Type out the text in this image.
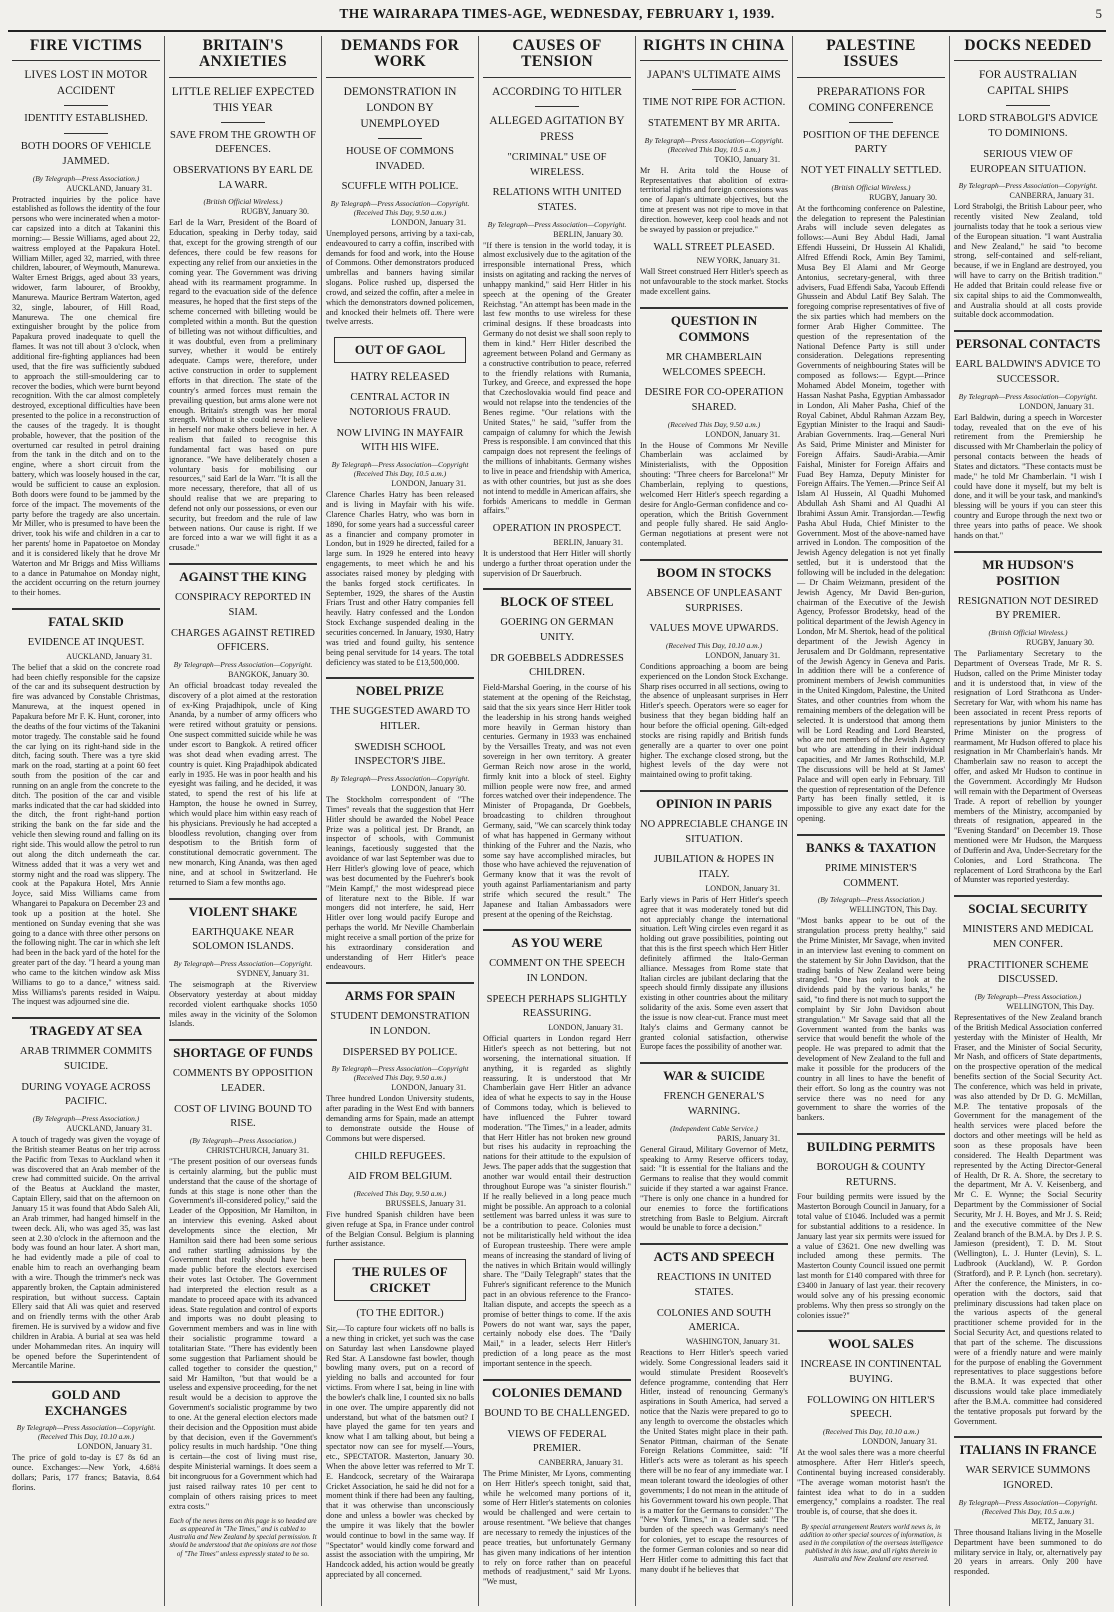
THE WAIRARAPA TIMES-AGE, WEDNESDAY, FEBRUARY 1, 1939.	5
FIRE VICTIMS
LIVES LOST IN MOTOR ACCIDENT
IDENTITY ESTABLISHED.
BOTH DOORS OF VEHICLE JAMMED.
(By Telegraph—Press Association.)
AUCKLAND, January 31.
Protracted inquiries by the police have established as follows the identity of the four persons who were incinerated when a motor-car capsized into a ditch at Takanini this morning:— Bessie Williams, aged about 22, waitress employed at the Papakura Hotel. William Miller, aged 32, married, with three children, labourer, of Weymouth, Manurewa. Walter Ernest Briggs, aged about 33 years, widower, farm labourer, of Brookby, Manurewa. Maurice Bertram Waterton, aged 32, single, labourer, of Hill Road, Manurewa. The one chemical fire extinguisher brought by the police from Papakura proved inadequate to quell the flames. It was not till about 3 o'clock, when additional fire-fighting appliances had been used, that the fire was sufficiently subdued to approach the still-smouldering car to recover the bodies, which were burnt beyond recognition. With the car almost completely destroyed, exceptional difficulties have been presented to the police in a reconstruction of the causes of the tragedy. It is thought probable, however, that the position of the overturned car resulted in petrol draining from the tank in the ditch and on to the engine, where a short circuit from the battery, which was loosely housed in the car, would be sufficient to cause an explosion. Both doors were found to be jammed by the force of the impact. The movements of the party before the tragedy are also uncertain. Mr Miller, who is presumed to have been the driver, took his wife and children in a car to her parents' home in Papatoetoe on Monday and it is considered likely that he drove Mr Waterton and Mr Briggs and Miss Williams to a dance in Patumahoe on Monday night, the accident occurring on the return journey to their homes.
FATAL SKID
EVIDENCE AT INQUEST.
AUCKLAND, January 31.
The belief that a skid on the concrete road had been chiefly responsible for the capsize of the car and its subsequent destruction by fire was advanced by Constable Christmas, Manurewa, at the inquest opened in Papakura before Mr F. K. Hunt, coroner, into the deaths of the four victims of the Takanini motor tragedy. The constable said he found the car lying on its right-hand side in the ditch, facing south. There was a tyre skid mark on the road, starting at a point 60 feet south from the position of the car and running on an angle from the concrete to the ditch. The position of the car and visible marks indicated that the car had skidded into the ditch, the front right-hand portion striking the bank on the far side and the vehicle then slewing round and falling on its right side. This would allow the petrol to run out along the ditch underneath the car. Witness added that it was a very wet and stormy night and the road was slippery. The cook at the Papakura Hotel, Mrs Annie Joyce, said Miss Williams came from Whangarei to Papakura on December 23 and took up a position at the hotel. She mentioned on Sunday evening that she was going to a dance with three other persons on the following night. The car in which she left had been in the back yard of the hotel for the greater part of the day. "I heard a young man who came to the kitchen window ask Miss Williams to go to a dance," witness said. Miss Williams's parents resided in Waipu. The inquest was adjourned sine die.
TRAGEDY AT SEA
ARAB TRIMMER COMMITS SUICIDE.
DURING VOYAGE ACROSS PACIFIC.
(By Telegraph—Press Association.)
AUCKLAND, January 31.
A touch of tragedy was given the voyage of the British steamer Beatus on her trip across the Pacific from Texas to Auckland when it was discovered that an Arab member of the crew had committed suicide. On the arrival of the Beatus at Auckland the master, Captain Ellery, said that on the afternoon on January 15 it was found that Abdo Saleh Ali, an Arab trimmer, had hanged himself in the tween deck. Ali, who was aged 35, was last seen at 2.30 o'clock in the afternoon and the body was found an hour later. A short man, he had evidently made a pile of coal to enable him to reach an overhanging beam with a wire. Though the trimmer's neck was apparently broken, the Captain administered respiration, but without success. Captain Ellery said that Ali was quiet and reserved and on friendly terms with the other Arab firemen. He is survived by a widow and five children in Arabia. A burial at sea was held under Mohammedan rites. An inquiry will be opened before the Superintendent of Mercantile Marine.
GOLD AND EXCHANGES
By Telegraph—Press Association—Copyright. (Received This Day, 10.10 a.m.)
LONDON, January 31.
The price of gold to-day is £7 8s 6d an ounce. Exchanges:—New York, 4.68¼ dollars; Paris, 177 francs; Batavia, 8.64 florins.
BRITAIN'S ANXIETIES
LITTLE RELIEF EXPECTED THIS YEAR
SAVE FROM THE GROWTH OF DEFENCES.
OBSERVATIONS BY EARL DE LA WARR.
(British Official Wireless.)
RUGBY, January 30.
Earl de la Warr, President of the Board of Education, speaking in Derby today, said that, except for the growing strength of our defences, there could be few reasons for expecting any relief from our anxieties in the coming year. The Government was driving ahead with its rearmament programme. In regard to the evacuation side of the defence measures, he hoped that the first steps of the scheme concerned with billeting would be completed within a month. But the question of billeting was not without difficulties, and it was doubtful, even from a preliminary survey, whether it would be entirely adequate. Camps were, therefore, under active construction in order to supplement efforts in that direction. The state of the country's armed forces must remain the prevailing question, but arms alone were not enough. Britain's strength was her moral strength. Without it she could never believe in herself nor make others believe in her. A realism that failed to recognise this fundamental fact was based on pure ignorance. "We have deliberately chosen a voluntary basis for mobilising our resources," said Earl de la Warr. "It is all the more necessary, therefore, that all of us should realise that we are preparing to defend not only our possessions, or even our security, but freedom and the rule of law between nations. Our cause is right. If we are forced into a war we will fight it as a crusade."
AGAINST THE KING
CONSPIRACY REPORTED IN SIAM.
CHARGES AGAINST RETIRED OFFICERS.
By Telegraph—Press Association—Copyright.
BANGKOK, January 30.
An official broadcast today revealed the discovery of a plot aimed at the restoration of ex-King Prajadhipok, uncle of King Ananda, by a number of army officers who were retired without gratuity or pensions. One suspect committed suicide while he was under escort to Bangkok. A retired officer was shot dead when evading arrest. The country is quiet. King Prajadhipok abdicated early in 1935. He was in poor health and his eyesight was failing, and he decided, it was stated, to spend the rest of his life at Hampton, the house he owned in Surrey, which would place him within easy reach of his physicians. Previously he had accepted a bloodless revolution, changing over from despotism to the British form of constitutional democratic government. The new monarch, King Ananda, was then aged nine, and at school in Switzerland. He returned to Siam a few months ago.
VIOLENT SHAKE
EARTHQUAKE NEAR SOLOMON ISLANDS.
By Telegraph—Press Association—Copyright.
SYDNEY, January 31.
The seismograph at the Riverview Observatory yesterday at about midday recorded violent earthquake shocks 1050 miles away in the vicinity of the Solomon Islands.
SHORTAGE OF FUNDS
COMMENTS BY OPPOSITION LEADER.
COST OF LIVING BOUND TO RISE.
(By Telegraph—Press Association.)
CHRISTCHURCH, January 31.
"The present position of our overseas funds is certainly alarming, but the public must understand that the cause of the shortage of funds at this stage is none other than the Government's ill-considered policy," said the Leader of the Opposition, Mr Hamilton, in an interview this evening. Asked about developments since the election, Mr Hamilton said there had been some serious and rather startling admissions by the Government that really should have been made public before the electors exercised their votes last October. The Government had interpreted the election result as a mandate to proceed apace with its advanced ideas. State regulation and control of exports and imports was no doubt pleasing to Government members and was in line with their socialistic programme toward a totalitarian State. "There has evidently been some suggestion that Parliament should be called together to consider the question," said Mr Hamilton, "but that would be a useless and expensive proceeding, for the net result would be a decision to approve the Government's socialistic programme by two to one. At the general election electors made their decision and the Opposition must abide by that decision, even if the Government's policy results in much hardship. "One thing is certain—the cost of living must rise, despite Ministerial warnings. It does seem a bit incongruous for a Government which had just raised railway rates 10 per cent to complain of others raising prices to meet extra costs."
Each of the news items on this page is so headed are as appeared in "The Times," and is cabled to Australia and New Zealand by special permission. It should be understood that the opinions are not those of "The Times" unless expressly stated to be so.
DEMANDS FOR WORK
DEMONSTRATION IN LONDON BY UNEMPLOYED
HOUSE OF COMMONS INVADED.
SCUFFLE WITH POLICE.
By Telegraph—Press Association—Copyright. (Received This Day, 9.50 a.m.)
LONDON, January 31.
Unemployed persons, arriving by a taxi-cab, endeavoured to carry a coffin, inscribed with demands for food and work, into the House of Commons. Other demonstrators produced umbrellas and banners having similar slogans. Police rushed up, dispersed the crowd, and seized the coffin, after a melee in which the demonstrators downed policemen, and knocked their helmets off. There were twelve arrests.
OUT OF GAOL
HATRY RELEASED
CENTRAL ACTOR IN NOTORIOUS FRAUD.
NOW LIVING IN MAYFAIR WITH HIS WIFE.
By Telegraph—Press Association—Copyright (Received This Day, 10.5 a.m.)
LONDON, January 31.
Clarence Charles Hatry has been released and is living in Mayfair with his wife. Clarence Charles Hatry, who was born in 1890, for some years had a successful career as a financier and company promoter in London, but in 1929 he directed, failed for a large sum. In 1929 he entered into heavy engagements, to meet which he and his associates raised money by pledging with the banks forged stock certificates. In September, 1929, the shares of the Austin Friars Trust and other Hatry companies fell heavily. Hatry confessed and the London Stock Exchange suspended dealing in the securities concerned. In January, 1930, Hatry was tried and found guilty, his sentence being penal servitude for 14 years. The total deficiency was stated to be £13,500,000.
NOBEL PRIZE
THE SUGGESTED AWARD TO HITLER.
SWEDISH SCHOOL INSPECTOR'S JIBE.
By Telegraph—Press Association—Copyright.
LONDON, January 30.
The Stockholm correspondent of "The Times" reveals that the suggestion that Herr Hitler should be awarded the Nobel Peace Prize was a political jest. Dr Brandt, an inspector of schools, with Communist leanings, facetiously suggested that the avoidance of war last September was due to Herr Hitler's glowing love of peace, which was best documented by the Fuehrer's book "Mein Kampf," the most widespread piece of literature next to the Bible. If war mongers did not interfere, he said, Herr Hitler over long would pacify Europe and perhaps the world. Mr Neville Chamberlain might receive a small portion of the prize for his extraordinary consideration and understanding of Herr Hitler's peace endeavours.
ARMS FOR SPAIN
STUDENT DEMONSTRATION IN LONDON.
DISPERSED BY POLICE.
By Telegraph—Press Association—Copyright (Received This Day, 9.50 a.m.)
LONDON, January 31.
Three hundred London University students, after parading in the West End with banners demanding arms for Spain, made an attempt to demonstrate outside the House of Commons but were dispersed.
CHILD REFUGEES.
AID FROM BELGIUM.
(Received This Day, 9.50 a.m.)
BRUSSELS, January 31.
Five hundred Spanish children have been given refuge at Spa, in France under control of the Belgian Consul. Belgium is planning further assistance.
THE RULES OF CRICKET
(TO THE EDITOR.)
Sir,—To capture four wickets off no balls is a new thing in cricket, yet such was the case on Saturday last when Lansdowne played Red Star. A Lansdowne fast bowler, though bowling many overs, put on a record of yielding no balls and accounted for four victims. From where I sat, being in line with the bowler's chalk line, I counted six no balls in one over. The umpire apparently did not understand, but what of the batsmen out? I have played the game for ten years and know what I am talking about, but being a spectator now can see for myself.—Yours, etc., SPECTATOR. Masterton, January 30. When the above letter was referred to Mr T. E. Handcock, secretary of the Wairarapa Cricket Association, he said he did not for a moment think if there had been any faulting, that it was otherwise than unconsciously done and unless a bowler was checked by the umpire it was likely that the bowler would continue to bowl in the same way. If "Spectator" would kindly come forward and assist the association with the umpiring, Mr Handcock added, his action would be greatly appreciated by all concerned.
CAUSES OF TENSION
ACCORDING TO HITLER
ALLEGED AGITATION BY PRESS
"CRIMINAL" USE OF WIRELESS.
RELATIONS WITH UNITED STATES.
By Telegraph—Press Association—Copyright.
BERLIN, January 30.
"If there is tension in the world today, it is almost exclusively due to the agitation of the irresponsible international Press, which insists on agitating and racking the nerves of unhappy mankind," said Herr Hitler in his speech at the opening of the Greater Reichstag. "An attempt has been made in the last few months to use wireless for these criminal designs. If these broadcasts into Germany do not desist we shall soon reply to them in kind." Herr Hitler described the agreement between Poland and Germany as a constructive contribution to peace, referred to the friendly relations with Rumania, Turkey, and Greece, and expressed the hope that Czechoslovakia would find peace and would not relapse into the tendencies of the Benes regime. "Our relations with the United States," he said, "suffer from the campaign of calumny for which the Jewish Press is responsible. I am convinced that this campaign does not represent the feelings of the millions of inhabitants. Germany wishes to live in peace and friendship with America, as with other countries, but just as she does not intend to meddle in American affairs, she forbids Americans to meddle in German affairs."
OPERATION IN PROSPECT.
BERLIN, January 31.
It is understood that Herr Hitler will shortly undergo a further throat operation under the supervision of Dr Sauerbruch.
BLOCK OF STEEL
GOERING ON GERMAN UNITY.
DR GOEBBELS ADDRESSES CHILDREN.
Field-Marshal Goering, in the course of his statement at the opening of the Reichstag, said that the six years since Herr Hitler took the leadership in his strong hands weighed more heavily in German history than centuries. Germany in 1933 was enchained by the Versailles Treaty, and was not even sovereign in her own territory. A greater German Reich now arose in the world, firmly knit into a block of steel. Eighty million people were now free, and armed forces watched over their independence. The Minister of Propaganda, Dr Goebbels, broadcasting to children throughout Germany, said, "We can scarcely think today of what has happened in Germany without thinking of the Fuhrer and the Nazis, who some say have accomplished miracles, but those who have achieved the rejuvenation of Germany know that it was the revolt of youth against Parliamentarianism and party strife which secured the result." The Japanese and Italian Ambassadors were present at the opening of the Reichstag.
AS YOU WERE
COMMENT ON THE SPEECH IN LONDON.
SPEECH PERHAPS SLIGHTLY REASSURING.
LONDON, January 31.
Official quarters in London regard Herr Hitler's speech as not bettering, but not worsening, the international situation. If anything, it is regarded as slightly reassuring. It is understood that Mr Chamberlain gave Herr Hitler an advance idea of what he expects to say in the House of Commons today, which is believed to have influenced the Fuhrer toward moderation. "The Times," in a leader, admits that Herr Hitler has not broken new ground but rises his audacity in reproaching the nations for their attitude to the expulsion of Jews. The paper adds that the suggestion that another war would entail their destruction throughout Europe was "a sinister flourish." If he really believed in a long peace much might be possible. An approach to a colonial settlement was barred unless it was sure to be a contribution to peace. Colonies must not be militaristically held without the idea of European trusteeship. There were ample means of increasing the standard of living of the natives in which Britain would willingly share. The "Daily Telegraph" states that the Fuhrer's significant reference to the Munich pact in an obvious reference to the Franco-Italian dispute, and accepts the speech as a promise of better things to come. If the axis Powers do not want war, says the paper, certainly nobody else does. The "Daily Mail," in a leader, selects Herr Hitler's prediction of a long peace as the most important sentence in the speech.
COLONIES DEMAND
BOUND TO BE CHALLENGED.
VIEWS OF FEDERAL PREMIER.
CANBERRA, January 31.
The Prime Minister, Mr Lyons, commenting on Herr Hitler's speech tonight, said that, while he welcomed many portions of it, some of Herr Hitler's statements on colonies would be challenged and were certain to arouse resentment. "We believe that changes are necessary to remedy the injustices of the peace treaties, but unfortunately Germany has given many indications of her intention to rely on force rather than on peaceful methods of readjustment," said Mr Lyons. "We must,
RIGHTS IN CHINA
JAPAN'S ULTIMATE AIMS
TIME NOT RIPE FOR ACTION.
STATEMENT BY MR ARITA.
By Telegraph—Press Association—Copyright. (Received This Day, 10.5 a.m.)
TOKIO, January 31.
Mr H. Arita told the House of Representatives that abolition of extra-territorial rights and foreign concessions was one of Japan's ultimate objectives, but the time at present was not ripe to move in that direction. however, keep cool heads and not be swayed by passion or prejudice."
WALL STREET PLEASED.
NEW YORK, January 31.
Wall Street construed Herr Hitler's speech as not unfavourable to the stock market. Stocks made excellent gains.
QUESTION IN COMMONS
MR CHAMBERLAIN WELCOMES SPEECH.
DESIRE FOR CO-OPERATION SHARED.
(Received This Day, 9.50 a.m.)
LONDON, January 31.
In the House of Commons Mr Neville Chamberlain was acclaimed by Ministerialists, with the Opposition shouting: "Three cheers for Barcelona!" Mr Chamberlain, replying to questions, welcomed Herr Hitler's speech regarding a desire for Anglo-German confidence and co-operation, which the British Government and people fully shared. He said Anglo-German negotiations at present were not contemplated.
BOOM IN STOCKS
ABSENCE OF UNPLEASANT SURPRISES.
VALUES MOVE UPWARDS.
(Received This Day, 10.10 a.m.)
LONDON, January 31.
Conditions approaching a boom are being experienced on the London Stock Exchange. Sharp rises occurred in all sections, owing to the absence of unpleasant surprises in Herr Hitler's speech. Operators were so eager for business that they began bidding half an hour before the official opening. Gilt-edged stocks are rising rapidly and British funds generally are a quarter to over one point higher. The exchange closed strong, but the highest levels of the day were not maintained owing to profit taking.
OPINION IN PARIS
NO APPRECIABLE CHANGE IN SITUATION.
JUBILATION & HOPES IN ITALY.
LONDON, January 31.
Early views in Paris of Herr Hitler's speech agree that it was moderately toned but did not appreciably change the international situation. Left Wing circles even regard it as holding out grave possibilities, pointing out that this is the first speech which Herr Hitler definitely affirmed the Italo-German alliance. Messages from Rome state that Italian circles are jubilant declaring that the speech should firmly dissipate any illusions existing in other countries about the military solidarity of the axis. Some even assert that the issue is now clear-cut. France must meet Italy's claims and Germany cannot be granted colonial satisfaction, otherwise Europe faces the possibility of another war.
WAR & SUICIDE
FRENCH GENERAL'S WARNING.
(Independent Cable Service.)
PARIS, January 31.
General Giraud, Military Governor of Metz, speaking to Army Reserve officers today, said: "It is essential for the Italians and the Germans to realise that they would commit suicide if they started a war against France. "There is only one chance in a hundred for our enemies to force the fortifications stretching from Basle to Belgium. Aircraft would be unable to force a decision."
ACTS AND SPEECH
REACTIONS IN UNITED STATES.
COLONIES AND SOUTH AMERICA.
WASHINGTON, January 31.
Reactions to Herr Hitler's speech varied widely. Some Congressional leaders said it would stimulate President Roosevelt's defence programme, contending that Herr Hitler, instead of renouncing Germany's aspirations in South America, had served a notice that the Nazis were prepared to go to any length to overcome the obstacles which the United States might place in their path. Senator Pittman, chairman of the Senate Foreign Relations Committee, said: "If Hitler's acts were as tolerant as his speech there will be no fear of any immediate war. I mean tolerant toward the ideologies of other governments; I do not mean in the attitude of his Government toward his own people. That is a matter for the Germans to consider." The "New York Times," in a leader said: "The burden of the speech was Germany's need for colonies, yet to escape the resources of the former German colonies and so near did Herr Hitler come to admitting this fact that many doubt if he believes that
PALESTINE ISSUES
PREPARATIONS FOR COMING CONFERENCE
POSITION OF THE DEFENCE PARTY
NOT YET FINALLY SETTLED.
(British Official Wireless.)
RUGBY, January 30.
At the forthcoming conference on Palestine, the delegation to represent the Palestinian Arabs will include seven delegates as follows:—Auni Bey Abdul Hadi, Jamal Effendi Husseini, Dr Hussein Al Khalidi, Alfred Effendi Rock, Amin Bey Tamimi, Musa Bey El Alami and Mr George Antonius, secretary-general, with three advisers, Fuad Effendi Saba, Yacoub Effendi Ghussein and Abdul Latif Bey Salah. The foregoing comprise representatives of five of the six parties which had members on the former Arab Higher Committee. The question of the representation of the National Defence Party is still under consideration. Delegations representing Governments of neighbouring States will be composed as follows:— Egypt.—Prince Mohamed Abdel Moneim, together with Hassan Nashat Pasha, Egyptian Ambassador in London, Ali Maher Pasha, Chief of the Royal Cabinet, Abdul Rahman Azzam Bey, Egyptian Minister to the Iraqui and Saudi-Arabian Governments. Iraq.—General Nuri As Said, Prime Minister and Minister for Foreign Affairs. Saudi-Arabia.—Amir Faishal, Minister for Foreign Affairs and Fuad Bey Hamza, Deputy Minister for Foreign Affairs. The Yemen.—Prince Seif Al Islam Al Hussein, Al Quadhi Muhomed Abdullah Ash Shami and Al Quadhi Al Ibrahimi Assun Amir. Transjordan.—Tewfig Pasha Abul Huda, Chief Minister to the Government. Most of the above-named have arrived in London. The composition of the Jewish Agency delegation is not yet finally settled, but it is understood that the following will be included in the delegation:— Dr Chaim Weizmann, president of the Jewish Agency, Mr David Ben-gurion, chairman of the Executive of the Jewish Agency, Professor Brodetsky, head of the political department of the Jewish Agency in London, Mr M. Shertok, head of the political department of the Jewish Agency in Jerusalem and Dr Goldmann, representative of the Jewish Agency in Geneva and Paris. In addition there will be a conference of prominent members of Jewish communities in the United Kingdom, Palestine, the United States, and other countries from whom the remaining members of the delegation will be selected. It is understood that among them will be Lord Reading and Lord Bearsted, who are not members of the Jewish Agency but who are attending in their individual capacities, and Mr James Rothschild, M.P. The discussions will be held at St James' Palace and will open early in February. Till the question of representation of the Defence Party has been finally settled, it is impossible to give any exact date for the opening.
BANKS & TAXATION
PRIME MINISTER'S COMMENT.
(By Telegraph—Press Association.)
WELLINGTON, This Day.
"Most banks appear to be out of the strangulation process pretty healthy," said the Prime Minister, Mr Savage, when invited in an interview last evening to comment on the statement by Sir John Davidson, that the trading banks of New Zealand were being strangled. "One has only to look at the dividends paid by the various banks," he said, "to find there is not much to support the complaint by Sir John Davidson about strangulation." Mr Savage said that all the Government wanted from the banks was service that would benefit the whole of the people. He was prepared to admit that the development of New Zealand to the full and make it possible for the producers of the country in all lines to have the benefit of their effort. So long as the country was not service there was no need for any government to share the worries of the bankers.
BUILDING PERMITS
BOROUGH & COUNTY RETURNS.
Four building permits were issued by the Masterton Borough Council in January, for a total value of £1046. Included was a permit for substantial additions to a residence. In January last year six permits were issued for a value of £3621. One new dwelling was included among these permits. The Masterton County Council issued one permit last month for £140 compared with three for £3400 in January of last year. their recovery would solve any of his pressing economic problems. Why then press so strongly on the colonies issue?"
WOOL SALES
INCREASE IN CONTINENTAL BUYING.
FOLLOWING ON HITLER'S SPEECH.
(Received This Day, 10.10 a.m.)
LONDON, January 31.
At the wool sales there was a more cheerful atmosphere. After Herr Hitler's speech, Continental buying increased considerably. "The average woman motorist hasn't the faintest idea what to do in a sudden emergency," complains a roadster. The real trouble is, of course, that she does it.
By special arrangement Reuters world news is, in addition to other special sources of information, is used in the compilation of the overseas intelligence published in this issue, and all rights therein in Australia and New Zealand are reserved.
DOCKS NEEDED
FOR AUSTRALIAN CAPITAL SHIPS
LORD STRABOLGI'S ADVICE TO DOMINIONS.
SERIOUS VIEW OF EUROPEAN SITUATION.
By Telegraph—Press Association—Copyright.
CANBERRA, January 31.
Lord Strabolgi, the British Labour peer, who recently visited New Zealand, told journalists today that he took a serious view of the European situation. "I want Australia and New Zealand," he said "to become strong, self-contained and self-reliant, because, if we in England are destroyed, you will have to carry on the British tradition." He added that Britain could release five or six capital ships to aid the Commonwealth, and Australia should at all costs provide suitable dock accommodation.
PERSONAL CONTACTS
EARL BALDWIN'S ADVICE TO SUCCESSOR.
By Telegraph—Press Association—Copyright.
LONDON, January 31.
Earl Baldwin, during a speech in Worcester today, revealed that on the eve of his retirement from the Premiership he discussed with Mr Chamberlain the policy of personal contacts between the heads of States and dictators. "These contacts must be made," he told Mr Chamberlain. "I wish I could have done it myself, but my belt is done, and it will be your task, and mankind's blessing will be yours if you can steer this country and Europe through the next two or three years into paths of peace. We shook hands on that."
MR HUDSON'S POSITION
RESIGNATION NOT DESIRED BY PREMIER.
(British Official Wireless.)
RUGBY, January 30.
The Parliamentary Secretary to the Department of Overseas Trade, Mr R. S. Hudson, called on the Prime Minister today and it is understood that, in view of the resignation of Lord Strathcona as Under-Secretary for War, with whom his name has been associated in recent Press reports of representations by junior Ministers to the Prime Minister on the progress of rearmament, Mr Hudson offered to place his resignation in Mr Chamberlain's hands. Mr Chamberlain saw no reason to accept the offer, and asked Mr Hudson to continue in the Government. Accordingly Mr Hudson will remain with the Department of Overseas Trade. A report of rebellion by younger members of the Ministry, accompanied by threats of resignation, appeared in the "Evening Standard" on December 19. Those mentioned were Mr Hudson, the Marquess of Dufferin and Ava, Under-Secretary for the Colonies, and Lord Strathcona. The replacement of Lord Strathcona by the Earl of Munster was reported yesterday.
SOCIAL SECURITY
MINISTERS AND MEDICAL MEN CONFER.
PRACTITIONER SCHEME DISCUSSED.
(By Telegraph—Press Association.)
WELLINGTON, This Day.
Representatives of the New Zealand branch of the British Medical Association conferred yesterday with the Minister of Health, Mr Fraser, and the Minister of Social Security, Mr Nash, and officers of State departments, on the prospective operation of the medical benefits section of the Social Security Act. The conference, which was held in private, was also attended by Dr D. G. McMillan, M.P. The tentative proposals of the Government for the management of the health services were placed before the doctors and other meetings will be held as soon as these proposals have been considered. The Health Department was represented by the Acting Director-General of Health, Dr R. A. Shore, the secretary to the department, Mr A. V. Keisenberg, and Mr C. E. Wynne; the Social Security Department by the Commissioner of Social Security, Mr J. H. Boyes, and Mr J. S. Reid; and the executive committee of the New Zealand branch of the B.M.A. by Drs J. P. S. Jamieson (president), T. D. M. Stout (Wellington), L. J. Hunter (Levin), S. L. Ludbrook (Auckland), W. P. Gordon (Stratford), and P. P. Lynch (hon. secretary). After the conference, the Ministers, in co-operation with the doctors, said that preliminary discussions had taken place on the various aspects of the general practitioner scheme provided for in the Social Security Act, and questions related to that part of the scheme. The discussions were of a friendly nature and were mainly for the purpose of enabling the Government representatives to place suggestions before the B.M.A. It was expected that other discussions would take place immediately after the B.M.A. committee had considered the tentative proposals put forward by the Government.
ITALIANS IN FRANCE
WAR SERVICE SUMMONS IGNORED.
By Telegraph—Press Association—Copyright. (Received This Day, 10.5 a.m.)
METZ, January 31.
Three thousand Italians living in the Moselle Department have been summoned to do military service in Italy, or, alternatively pay 20 years in arrears. Only 200 have responded.
